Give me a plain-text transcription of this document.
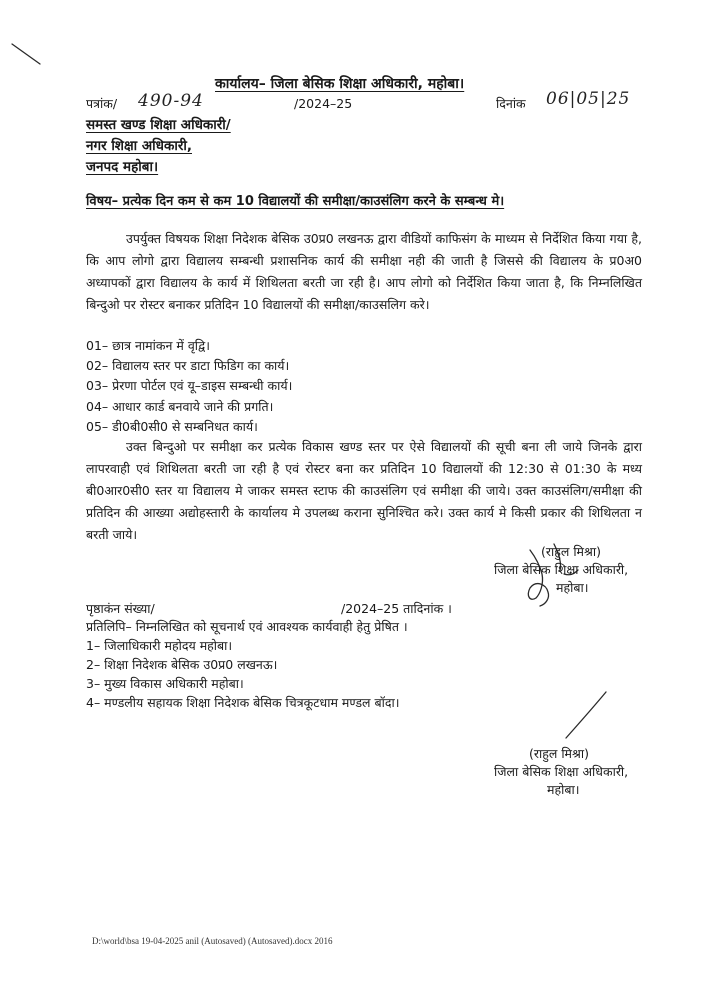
कार्यालय– जिला बेसिक शिक्षा अधिकारी, महोबा।
पत्रांक/ 490-94	/2024–25	दिनांक 06|05|25
समस्त खण्ड शिक्षा अधिकारी/
नगर शिक्षा अधिकारी,
जनपद महोबा।
विषय– प्रत्येक दिन कम से कम 10 विद्यालयों की समीक्षा/काउसंलिग करने के सम्बन्ध मे।
उपर्युक्त विषयक शिक्षा निदेशक बेसिक उ0प्र0 लखनऊ द्वारा वीडियों काफिसंग के माध्यम से निर्देशित किया गया है, कि आप लोगो द्वारा विद्यालय सम्बन्धी प्रशासनिक कार्य की समीक्षा नही की जाती है जिससे की विद्यालय के प्र0अ0 अध्यापकों द्वारा विद्यालय के कार्य में शिथिलता बरती जा रही है। आप लोगो को निर्देशित किया जाता है, कि निम्नलिखित बिन्दुओ पर रोस्टर बनाकर प्रतिदिन 10 विद्यालयों की समीक्षा/काउसलिग करे।
01– छात्र नामांकन में वृद्वि।
02– विद्यालय स्तर पर डाटा फिडिग का कार्य।
03– प्रेरणा पोर्टल एवं यू–डाइस सम्बन्धी कार्य।
04– आधार कार्ड बनवाये जाने की प्रगति।
05– डी0बी0सी0 से सम्बनिधत कार्य।
उक्त बिन्दुओ पर समीक्षा कर प्रत्येक विकास खण्ड स्तर पर ऐसे विद्यालयों की सूची बना ली जाये जिनके द्वारा लापरवाही एवं शिथिलता बरती जा रही है एवं रोस्टर बना कर प्रतिदिन 10 विद्यालयों की 12:30 से 01:30 के मध्य बी0आर0सी0 स्तर या विद्यालय मे जाकर समस्त स्टाफ की काउसंलिग एवं समीक्षा की जाये। उक्त काउसंलिग/समीक्षा की प्रतिदिन की आख्या अद्योहस्तारी के कार्यालय मे उपलब्ध कराना सुनिश्चित करे। उक्त कार्य मे किसी प्रकार की शिथिलता न बरती जाये।
(राहुल मिश्रा)
जिला बेसिक शिक्षा अधिकारी,
महोबा।
पृष्ठाकंन संख्या/	/2024–25 तादिनांक ।
प्रतिलिपि– निम्नलिखित को सूचनार्थ एवं आवश्यक कार्यवाही हेतु प्रेषित ।
1– जिलाधिकारी महोदय महोबा।
2– शिक्षा निदेशक बेसिक उ0प्र0 लखनऊ।
3– मुख्य विकास अधिकारी महोबा।
4– मण्डलीय सहायक शिक्षा निदेशक बेसिक चित्रकूटधाम मण्डल बॉदा।
(राहुल मिश्रा)
जिला बेसिक शिक्षा अधिकारी,
महोबा।
D:\world\bsa 19-04-2025 anil (Autosaved) (Autosaved).docx 2016
